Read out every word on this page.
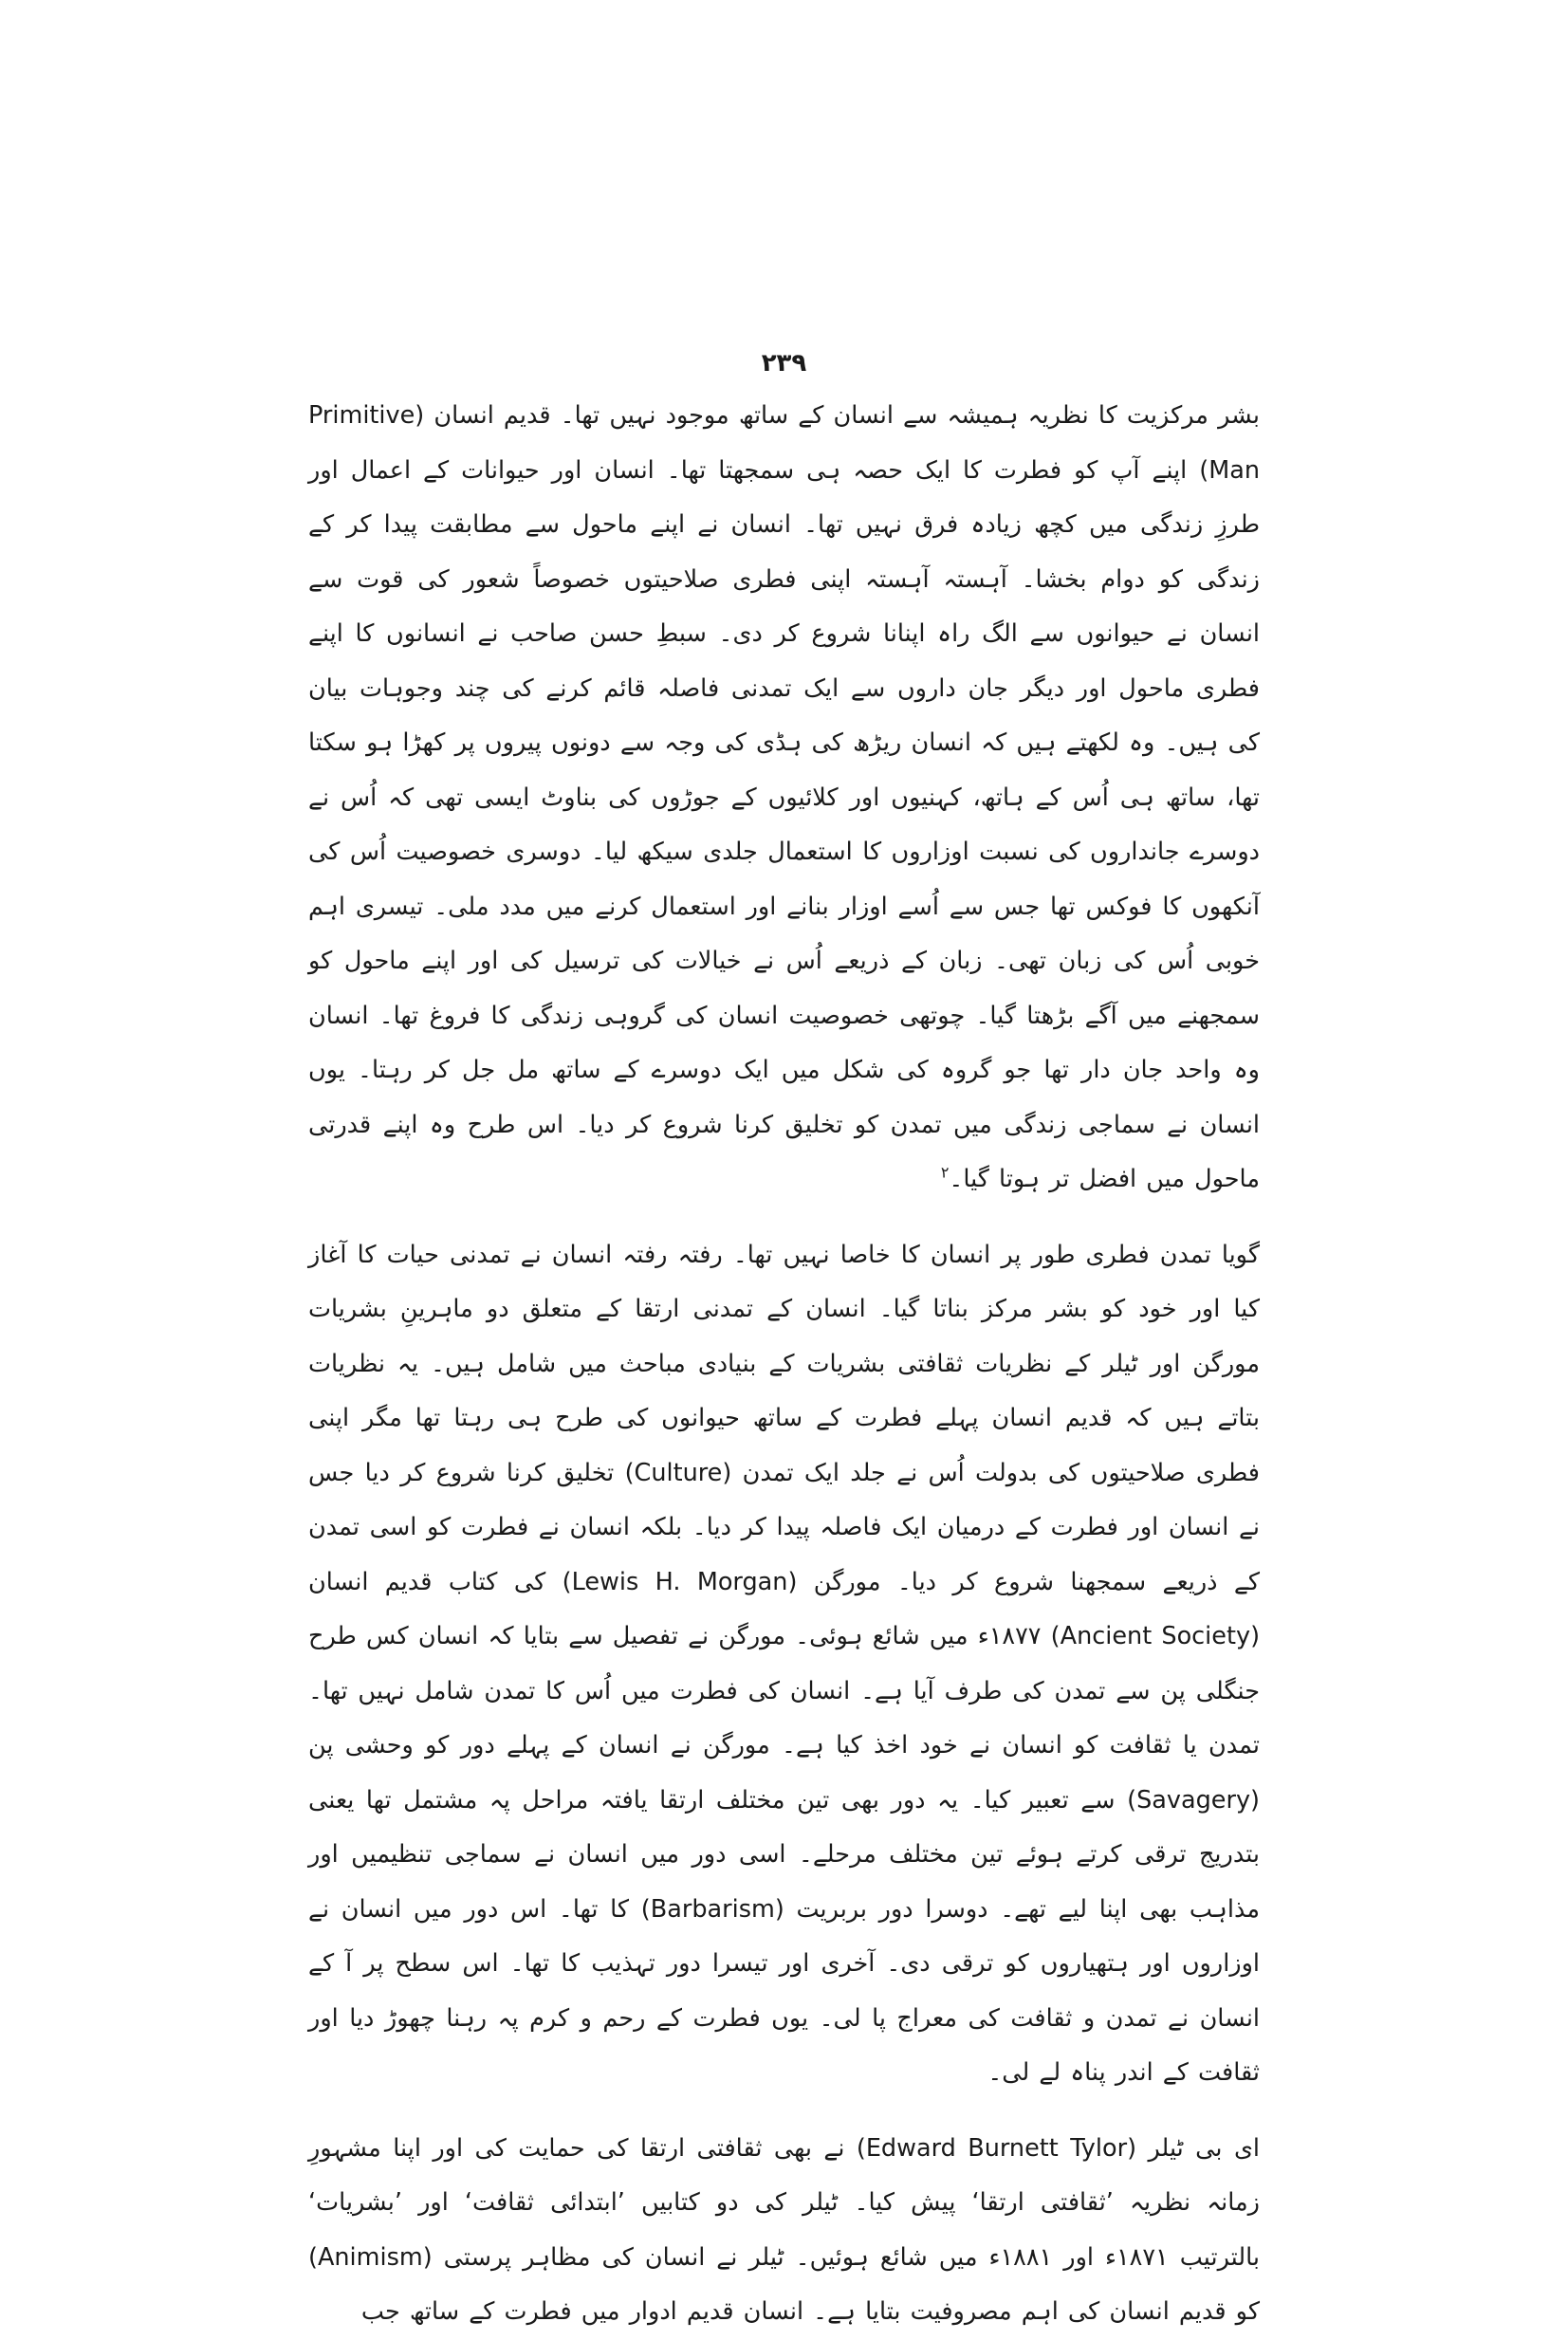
۲۳۹

بشر مرکزیت کا نظریہ ہمیشہ سے انسان کے ساتھ موجود نہیں تھا۔ قدیم انسان (Primitive Man) اپنے آپ کو فطرت کا ایک حصہ ہی سمجھتا تھا۔ انسان اور حیوانات کے اعمال اور طرزِ زندگی میں کچھ زیادہ فرق نہیں تھا۔ انسان نے اپنے ماحول سے مطابقت پیدا کر کے زندگی کو دوام بخشا۔ آہستہ آہستہ اپنی فطری صلاحیتوں خصوصاً شعور کی قوت سے انسان نے حیوانوں سے الگ راہ اپنانا شروع کر دی۔ سبطِ حسن صاحب نے انسانوں کا اپنے فطری ماحول اور دیگر جان داروں سے ایک تمدنی فاصلہ قائم کرنے کی چند وجوہات بیان کی ہیں۔ وہ لکھتے ہیں کہ انسان ریڑھ کی ہڈی کی وجہ سے دونوں پیروں پر کھڑا ہو سکتا تھا، ساتھ ہی اُس کے ہاتھ، کہنیوں اور کلائیوں کے جوڑوں کی بناوٹ ایسی تھی کہ اُس نے دوسرے جانداروں کی نسبت اوزاروں کا استعمال جلدی سیکھ لیا۔ دوسری خصوصیت اُس کی آنکھوں کا فوکس تھا جس سے اُسے اوزار بنانے اور استعمال کرنے میں مدد ملی۔ تیسری اہم خوبی اُس کی زبان تھی۔ زبان کے ذریعے اُس نے خیالات کی ترسیل کی اور اپنے ماحول کو سمجھنے میں آگے بڑھتا گیا۔ چوتھی خصوصیت انسان کی گروہی زندگی کا فروغ تھا۔ انسان وہ واحد جان دار تھا جو گروہ کی شکل میں ایک دوسرے کے ساتھ مل جل کر رہتا۔ یوں انسان نے سماجی زندگی میں تمدن کو تخلیق کرنا شروع کر دیا۔ اس طرح وہ اپنے قدرتی ماحول میں افضل تر ہوتا گیا۔$^۲$

گویا تمدن فطری طور پر انسان کا خاصا نہیں تھا۔ رفتہ رفتہ انسان نے تمدنی حیات کا آغاز کیا اور خود کو بشر مرکز بناتا گیا۔ انسان کے تمدنی ارتقا کے متعلق دو ماہرینِ بشریات مورگن اور ٹیلر کے نظریات ثقافتی بشریات کے بنیادی مباحث میں شامل ہیں۔ یہ نظریات بتاتے ہیں کہ قدیم انسان پہلے فطرت کے ساتھ حیوانوں کی طرح ہی رہتا تھا مگر اپنی فطری صلاحیتوں کی بدولت اُس نے جلد ایک تمدن (Culture) تخلیق کرنا شروع کر دیا جس نے انسان اور فطرت کے درمیان ایک فاصلہ پیدا کر دیا۔ بلکہ انسان نے فطرت کو اسی تمدن کے ذریعے سمجھنا شروع کر دیا۔ مورگن (Lewis H. Morgan) کی کتاب قدیم انسان (Ancient Society) ۱۸۷۷ء میں شائع ہوئی۔ مورگن نے تفصیل سے بتایا کہ انسان کس طرح جنگلی پن سے تمدن کی طرف آیا ہے۔ انسان کی فطرت میں اُس کا تمدن شامل نہیں تھا۔ تمدن یا ثقافت کو انسان نے خود اخذ کیا ہے۔ مورگن نے انسان کے پہلے دور کو وحشی پن (Savagery) سے تعبیر کیا۔ یہ دور بھی تین مختلف ارتقا یافتہ مراحل پہ مشتمل تھا یعنی بتدریج ترقی کرتے ہوئے تین مختلف مرحلے۔ اسی دور میں انسان نے سماجی تنظیمیں اور مذاہب بھی اپنا لیے تھے۔ دوسرا دور بربریت (Barbarism) کا تھا۔ اس دور میں انسان نے اوزاروں اور ہتھیاروں کو ترقی دی۔ آخری اور تیسرا دور تہذیب کا تھا۔ اس سطح پر آ کے انسان نے تمدن و ثقافت کی معراج پا لی۔ یوں فطرت کے رحم و کرم پہ رہنا چھوڑ دیا اور ثقافت کے اندر پناہ لے لی۔

ای بی ٹیلر (Edward Burnett Tylor) نے بھی ثقافتی ارتقا کی حمایت کی اور اپنا مشہورِ زمانہ نظریہ ’ثقافتی ارتقا‘ پیش کیا۔ ٹیلر کی دو کتابیں ’ابتدائی ثقافت‘ اور ’بشریات‘ بالترتیب ۱۸۷۱ء اور ۱۸۸۱ء میں شائع ہوئیں۔ ٹیلر نے انسان کی مظاہر پرستی (Animism) کو قدیم انسان کی اہم مصروفیت بتایا ہے۔ انسان قدیم ادوار میں فطرت کے ساتھ جب
